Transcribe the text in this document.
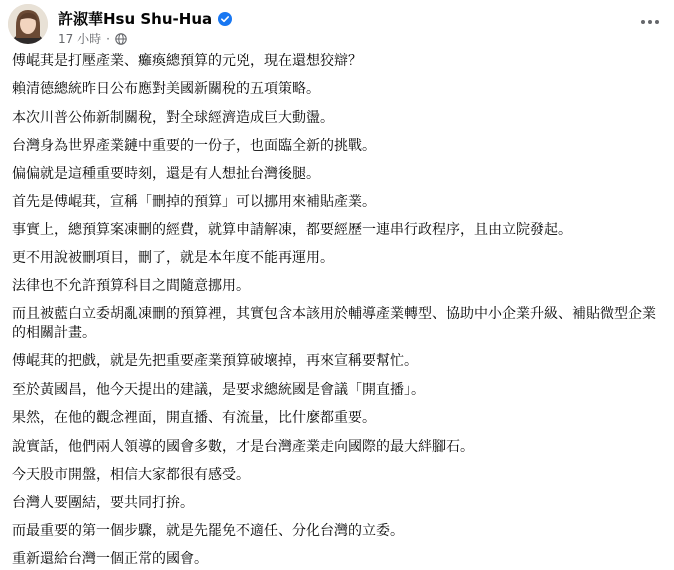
許淑華Hsu Shu-Hua
17 小時 ·

傅崐萁是打壓產業、癱瘓總預算的元兇，現在還想狡辯？

賴清德總統昨日公布應對美國新關稅的五項策略。

本次川普公佈新制關稅，對全球經濟造成巨大動盪。

台灣身為世界產業鏈中重要的一份子，也面臨全新的挑戰。

偏偏就是這種重要時刻，還是有人想扯台灣後腿。

首先是傅崐萁，宣稱「刪掉的預算」可以挪用來補貼產業。

事實上，總預算案凍刪的經費，就算申請解凍，都要經歷一連串行政程序，且由立院發起。

更不用說被刪項目，刪了，就是本年度不能再運用。

法律也不允許預算科目之間隨意挪用。

而且被藍白立委胡亂凍刪的預算裡，其實包含本該用於輔導產業轉型、協助中小企業升級、補貼微型企業的相關計畫。

傅崐萁的把戲，就是先把重要產業預算破壞掉，再來宣稱要幫忙。

至於黃國昌，他今天提出的建議，是要求總統國是會議「開直播」。

果然，在他的觀念裡面，開直播、有流量，比什麼都重要。

說實話，他們兩人領導的國會多數，才是台灣產業走向國際的最大絆腳石。

今天股市開盤，相信大家都很有感受。

台灣人要團結，要共同打拚。

而最重要的第一個步驟，就是先罷免不適任、分化台灣的立委。

重新還給台灣一個正常的國會。
